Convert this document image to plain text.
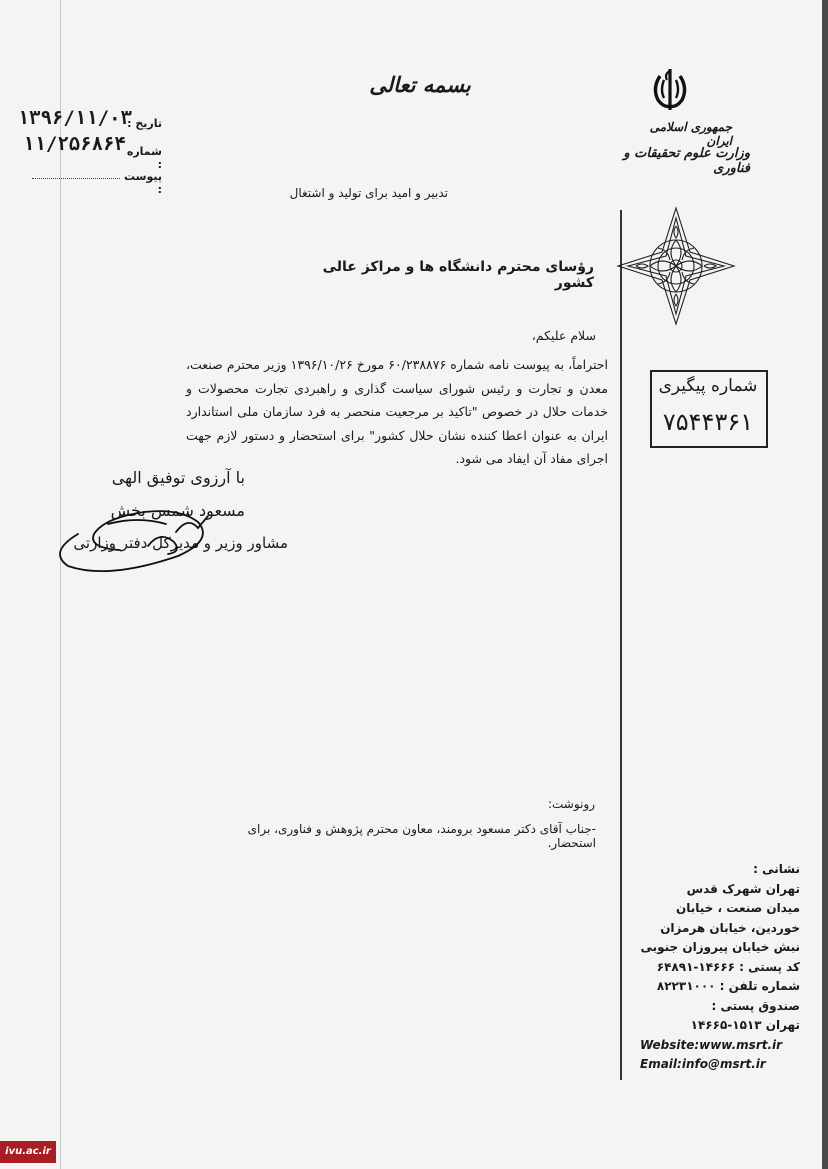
بسمه تعالی
جمهوری اسلامی ایران
وزارت علوم تحقیقات و فناوری
تاریخ :
۱۳۹۶/۱۱/۰۳
شماره :
۱۱/۲۵۶۸۶۴
پیوست :	تدبیر و امید برای تولید و اشتغال
رؤسای محترم دانشگاه ها و مراکز عالی کشور
سلام علیکم،
احتراماً، به پیوست نامه شماره ۶۰/۲۳۸۸۷۶ مورخ ۱۳۹۶/۱۰/۲۶ وزیر محترم صنعت، معدن و تجارت و رئیس شورای سیاست گذاری و راهبردی تجارت محصولات و خدمات حلال در خصوص "تاکید بر مرجعیت منحصر به فرد سازمان ملی استاندارد ایران به عنوان اعطا کننده نشان حلال کشور" برای استحضار و دستور لازم جهت اجرای مفاد آن ایفاد می شود.
شماره پیگیری
۷۵۴۴۳۶۱
با آرزوی توفیق الهی
مسعود شمس بخش
مشاور وزیر و مدیرکل دفتر وزارتی
رونوشت:
-جناب آقای دکتر مسعود برومند، معاون محترم پژوهش و فناوری، برای استحضار.
نشانی :
تهران شهرک قدس
میدان صنعت ، خیابان
خوردین، خیابان هرمزان
نبش خیابان پیروزان جنوبی
کد پستی : ۱۴۶۶۶-۶۴۸۹۱
شماره تلفن : ۸۲۲۳۱۰۰۰
صندوق پستی :
تهران ۱۵۱۳-۱۴۶۶۵
Website:www.msrt.ir
Email:info@msrt.ir
ivu.ac.ir
